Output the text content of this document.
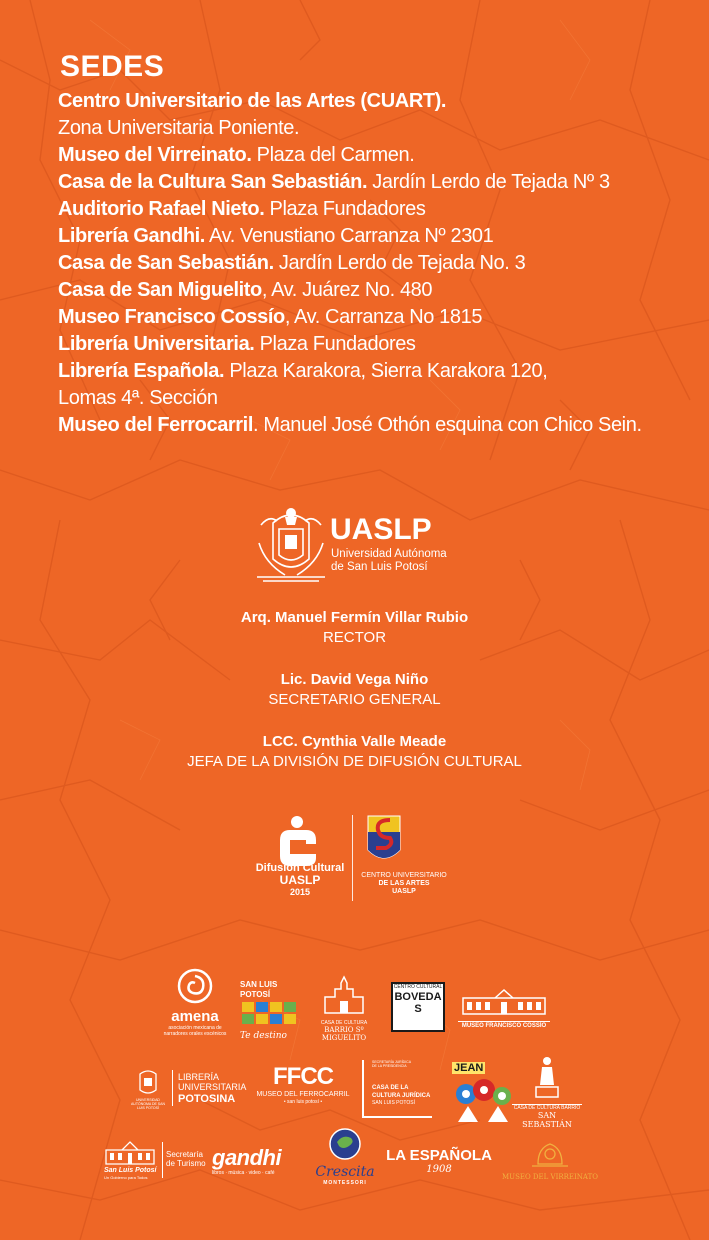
SEDES
Centro Universitario de las Artes (CUART).
Zona Universitaria Poniente.
Museo del Virreinato. Plaza del Carmen.
Casa de la Cultura San Sebastián. Jardín Lerdo de Tejada Nº 3
Auditorio Rafael Nieto. Plaza Fundadores
Librería Gandhi. Av. Venustiano Carranza Nº 2301
Casa de San Sebastián. Jardín Lerdo de Tejada No. 3
Casa de San Miguelito, Av. Juárez No. 480
Museo Francisco Cossío, Av. Carranza No 1815
Librería Universitaria. Plaza Fundadores
Librería Española. Plaza Karakora, Sierra Karakora 120,
Lomas 4ª. Sección
Museo del Ferrocarril. Manuel José Othón esquina con Chico Sein.
UASLP
Universidad Autónoma
de San Luis Potosí
Arq. Manuel Fermín Villar Rubio
RECTOR
Lic. David Vega Niño
SECRETARIO GENERAL
LCC. Cynthia Valle Meade
JEFA DE LA DIVISIÓN DE DIFUSIÓN CULTURAL
Difusión Cultural
UASLP
2015
CENTRO UNIVERSITARIO
DE LAS ARTES
UASLP
amena
asociación mexicana de
narradores orales escénicos
SAN LUIS POTOSÍ
Te destino
CASA DE CULTURA
BARRIO Sº MIGUELITO
CENTRO CULTURAL
BOVEDAS
MUSEO FRANCISCO COSSÍO
UNIVERSIDAD AUTÓNOMA DE SAN LUIS POTOSÍ
LIBRERÍA
UNIVERSITARIA
POTOSINA
FFCC
MUSEO DEL FERROCARRIL
• san luis potosí •
SECRETARÍA JURÍDICA DE LA PRESIDENCIA
CASA DE LA
CULTURA JURÍDICA
SAN LUIS POTOSÍ
JEAN
CASA DE CULTURA BARRIO
SAN SEBASTIÁN
San Luis Potosí
Un Gobierno para Todos
Secretaría
de Turismo gandhi
libros · música · video · café	Crescita
MONTESSORI
LA ESPAÑOLA
1908
MUSEO DEL VIRREINATO
